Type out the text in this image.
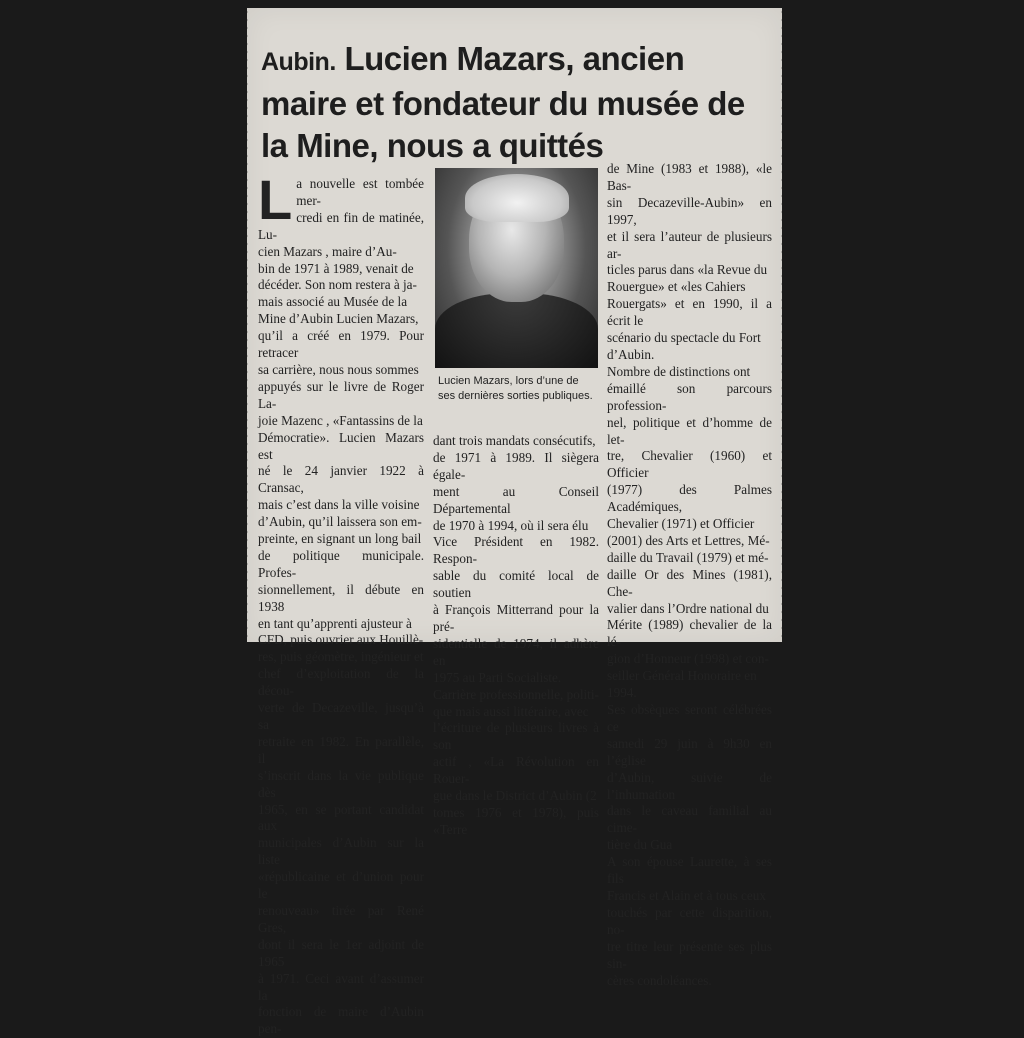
Aubin. Lucien Mazars, ancien maire et fondateur du musée de la Mine, nous a quittés

La nouvelle est tombée mer-
credi en fin de matinée, Lu-
cien Mazars , maire d’Au-
bin de 1971 à 1989, venait de
décéder. Son nom restera à ja-
mais associé au Musée de la
Mine d’Aubin Lucien Mazars,
qu’il a créé en 1979. Pour retracer
sa carrière, nous nous sommes
appuyés sur le livre de Roger La-
joie Mazenc , «Fantassins de la
Démocratie». Lucien Mazars est
né le 24 janvier 1922 à Cransac,
mais c’est dans la ville voisine
d’Aubin, qu’il laissera son em-
preinte, en signant un long bail
de politique municipale. Profes-
sionnellement, il débute en 1938
en tant qu’apprenti ajusteur à
CFD, puis ouvrier aux Houillè-
res, puis géomètre, ingénieur et
chef d’exploitation de la décou-
verte de Decazeville, jusqu’à sa
retraite en 1982. En parallèle, il
s’inscrit dans la vie publique dès
1965, en se portant candidat aux
municipales d’Aubin sur la liste
«républicaine et d’union pour le
renouveau» tirée par René Gres,
dont il sera le 1er adjoint de 1965
à 1971. Ceci avant d’assumer la
fonction de maire d’Aubin pen-

Lucien Mazars, lors d’une de
ses dernières sorties publiques.

dant trois mandats consécutifs,
de 1971 à 1989. Il siègera égale-
ment au Conseil Départemental
de 1970 à 1994, où il sera élu
Vice Président en 1982. Respon-
sable du comité local de soutien
à François Mitterrand pour la pré-
sidentielle de 1974, il adhère en
1975 au Parti Socialiste.
Carrière professionnelle, politi-
que mais aussi littéraire, avec
l’écriture de plusieurs livres à son
actif , «La Révolution en Rouer-
gue dans le District d’Aubin (2
tomes 1976 et 1978), puis «Terre

de Mine (1983 et 1988), «le Bas-
sin Decazeville-Aubin» en 1997,
et il sera l’auteur de plusieurs ar-
ticles parus dans «la Revue du
Rouergue» et «les Cahiers
Rouergats» et en 1990, il a écrit le
scénario du spectacle du Fort
d’Aubin.
Nombre de distinctions ont
émaillé son parcours profession-
nel, politique et d’homme de let-
tre, Chevalier (1960) et Officier
(1977) des Palmes Académiques,
Chevalier (1971) et Officier
(2001) des Arts et Lettres, Mé-
daille du Travail (1979) et mé-
daille Or des Mines (1981), Che-
valier dans l’Ordre national du
Mérite (1989) chevalier de la lé-
gion d’Honneur (1998) et con-
seiller Général Honoraire en
1994.
Ses obsèques seront célébrées ce
samedi 29 juin à 9h30 en l’église
d’Aubin, suivie de l’inhumation
dans le caveau familial au cime-
tière du Gua
A son épouse Laurette, à ses fils
Francis et Alain et à tous ceux
touchés par cette disparition, no-
tre titre leur présente ses plus sin-
cères condoléances.
